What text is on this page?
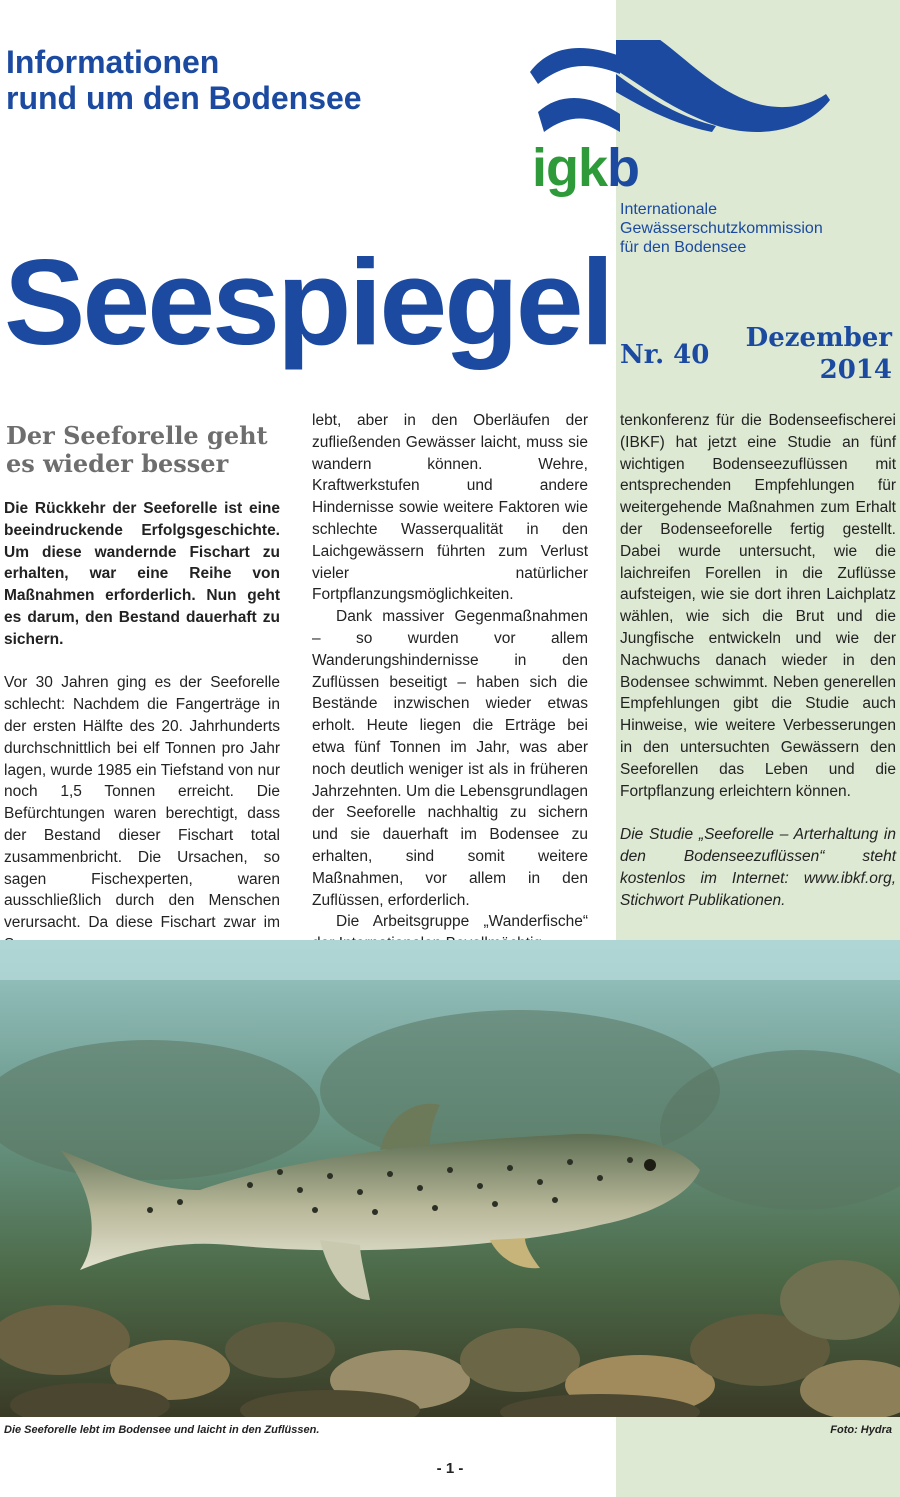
Informationen
rund um den Bodensee
igkb
Internationale
Gewässerschutzkommission
für den Bodensee
Seespiegel Nr. 40
Dezember
2014
Der Seeforelle geht
es wieder besser

Die Rückkehr der Seeforelle ist eine beeindruckende Erfolgsgeschichte. Um diese wandernde Fischart zu erhalten, war eine Reihe von Maßnahmen erforderlich. Nun geht es darum, den Bestand dauerhaft zu sichern.

Vor 30 Jahren ging es der Seeforelle schlecht: Nachdem die Fangerträge in der ersten Hälfte des 20. Jahrhunderts durchschnittlich bei elf Tonnen pro Jahr lagen, wurde 1985 ein Tiefstand von nur noch 1,5 Tonnen erreicht. Die Befürchtungen waren berechtigt, dass der Bestand dieser Fischart total zusammenbricht. Die Ursachen, so sagen Fischexperten, waren ausschließlich durch den Menschen verursacht. Da diese Fischart zwar im

lebt, aber in den Oberläufen der zufließenden Gewässer laicht, muss sie wandern können. Wehre, Kraftwerkstufen und andere Hindernisse sowie weitere Faktoren wie schlechte Wasserqualität in den Laichgewässern führten zum Verlust vieler natürlicher Fortpflanzungsmöglichkeiten.

Dank massiver Gegenmaßnahmen – so wurden vor allem Wanderungshindernisse in den Zuflüssen beseitigt – haben sich die Bestände inzwischen wieder etwas erholt. Heute liegen die Erträge bei etwa fünf Tonnen im Jahr, was aber noch deutlich weniger ist als in früheren Jahrzehnten. Um die Lebensgrundlagen der Seeforelle nachhaltig zu sichern und sie dauerhaft im Bodensee zu erhalten, sind somit weitere Maßnahmen, vor allem in den Zuflüssen, erforderlich.

Die Arbeitsgruppe „Wanderfische“

tenkonferenz für die Bodenseefischerei (IBKF) hat jetzt eine Studie an fünf wichtigen Bodenseezuflüssen mit entsprechenden Empfehlungen für weitergehende Maßnahmen zum Erhalt der Bodenseeforelle fertig gestellt. Dabei wurde untersucht, wie die laichreifen Forellen in die Zuflüsse aufsteigen, wie sie dort ihren Laichplatz wählen, wie sich die Brut und die Jungfische entwickeln und wie der Nachwuchs danach wieder in den Bodensee schwimmt. Neben generellen Empfehlungen gibt die Studie auch Hinweise, wie weitere Verbesserungen in den untersuchten Gewässern den Seeforellen das Leben und die Fortpflanzung erleichtern können.

Die Studie „Seeforelle – Arterhaltung in den Bodenseezuflüssen“ steht kostenlos im Internet: www.ibkf.org, Stichwort Publikationen.

Die Seeforelle lebt im Bodensee und laicht in den Zuflüssen.	Foto: Hydra
- 1 -
